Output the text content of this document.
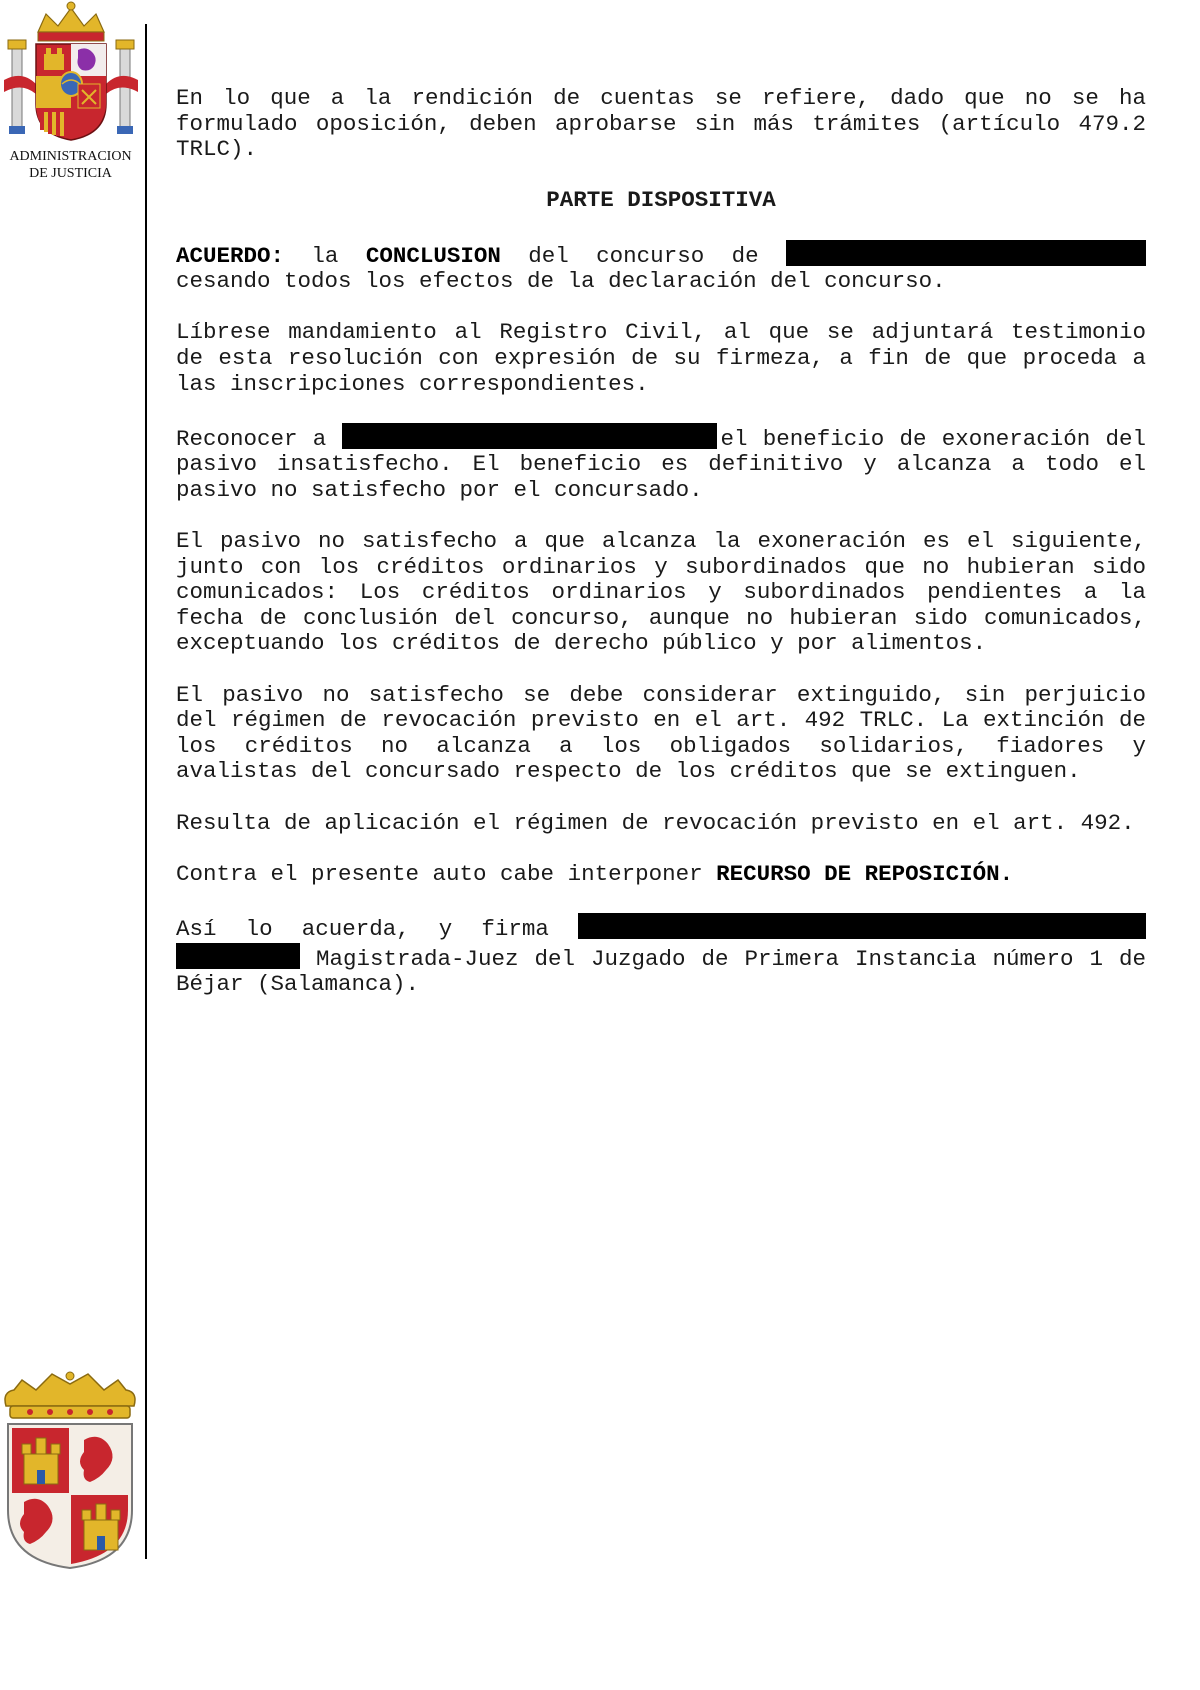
ADMINISTRACION
DE JUSTICIA

En lo que a la rendición de cuentas se refiere, dado que no se ha formulado oposición, deben aprobarse sin más trámites (artículo 479.2 TRLC).

PARTE DISPOSITIVA

ACUERDO: la CONCLUSION del concurso de  cesando todos los efectos de la declaración del concurso.

Líbrese mandamiento al Registro Civil, al que se adjuntará testimonio de esta resolución con expresión de su firmeza, a fin de que proceda a las inscripciones correspondientes.

Reconocer a	el beneficio de exoneración del pasivo insatisfecho. El beneficio es definitivo y alcanza a todo el pasivo no satisfecho por el concursado.

El pasivo no satisfecho a que alcanza la exoneración es el siguiente, junto con los créditos ordinarios y subordinados que no hubieran sido comunicados: Los créditos ordinarios y subordinados pendientes a la fecha de conclusión del concurso, aunque no hubieran sido comunicados, exceptuando los créditos de derecho público y por alimentos.

El pasivo no satisfecho se debe considerar extinguido, sin perjuicio del régimen de revocación previsto en el art. 492 TRLC. La extinción de los créditos no alcanza a los obligados solidarios, fiadores y avalistas del concursado respecto de los créditos que se extinguen.

Resulta de aplicación el régimen de revocación previsto en el art. 492.

Contra el presente auto cabe interponer RECURSO DE REPOSICIÓN.

Así lo acuerda, y firma   Magistrada-Juez del Juzgado de Primera Instancia número 1 de Béjar (Salamanca).
